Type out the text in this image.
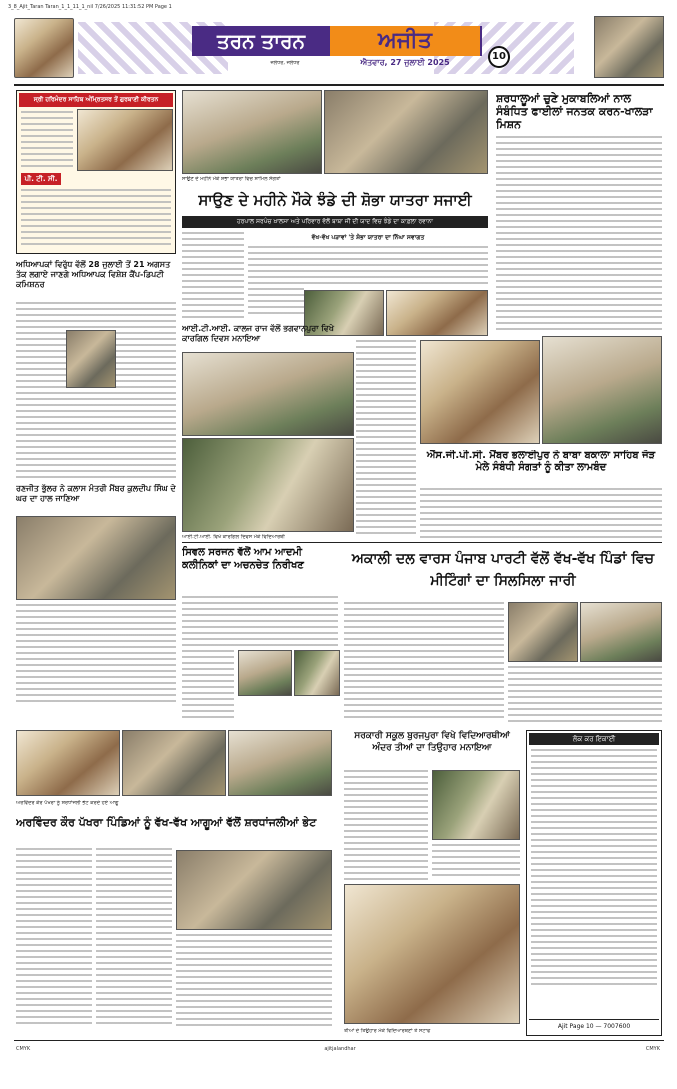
3_8_Ajit_Taran Taran_1_1_11_1_nil 7/26/2025 11:31:52 PM Page 1
ਤਰਨ ਤਾਰਨ	ਅਜੀਤ
ਜਲੰਧਰ, ਜਲੰਧਰ	ਐਤਵਾਰ, 27 ਜੁਲਾਈ 2025
10
ਸ੍ਰੀ ਹਰਿਮੰਦਰ ਸਾਹਿਬ ਅੰਮ੍ਰਿਤਸਰ ਤੋਂ ਗੁਰਬਾਣੀ ਕੀਰਤਨ
ਪੀ. ਟੀ. ਸੀ.	ਸਾਉਣ ਦੇ ਮਹੀਨੇ ਮੌਕੇ ਸ਼ੋਭਾ ਯਾਤਰਾ ਵਿਚ ਸ਼ਾਮਿਲ ਸੰਗਤਾਂ
ਸ਼ਰਧਾਲੂਆਂ ਚੁਣੇ ਮੁਕਾਬਲਿਆਂ ਨਾਲ ਸੰਬੰਧਿਤ ਫਾਈਲਾਂ ਜਨਤਕ ਕਰਨ-ਖਾਲੜਾ ਮਿਸ਼ਨ
ਸਾਉਣ ਦੇ ਮਹੀਨੇ ਮੌਕੇ ਝੰਡੇ ਦੀ ਸ਼ੋਭਾ ਯਾਤਰਾ ਸਜਾਈ
ਹਰਪਾਲ ਸਰਪੰਚ ਖ਼ਾਲਸਾ ਅਤੇ ਪਰਿਵਾਰ ਵੱਲੋਂ ਬਾਬਾ ਜੀ ਦੀ ਯਾਦ ਵਿਚ ਝੰਡੇ ਦਾ ਕਾਫ਼ਲਾ ਰਵਾਨਾ
ਅਧਿਆਪਕਾਂ ਵਿਰੁੱਧ ਵੱਲੋਂ 28 ਜੁਲਾਈ ਤੋਂ 21 ਅਗਸਤ ਤੱਕ ਲਗਾਏ ਜਾਣਗੇ ਅਧਿਆਪਕ ਵਿਸ਼ੇਸ਼ ਕੈਂਪ-ਡਿਪਟੀ ਕਮਿਸ਼ਨਰ
ਵੱਖ-ਵੱਖ ਪੜਾਵਾਂ 'ਤੇ ਸ਼ੋਭਾ ਯਾਤਰਾ ਦਾ ਨਿੱਘਾ ਸਵਾਗਤ
ਆਈ.ਟੀ.ਆਈ. ਕਾਲਜ ਰਾਜ ਵੱਲੋਂ ਭਗਵਾਨਪੁਰਾ ਵਿਖੇ ਕਾਰਗਿਲ ਦਿਵਸ ਮਨਾਇਆ
ਆਈ.ਟੀ.ਆਈ. ਵਿਖੇ ਕਾਰਗਿਲ ਦਿਵਸ ਮੌਕੇ ਵਿਦਿਆਰਥੀ
ਐੱਸ.ਜੀ.ਪੀ.ਸੀ. ਮੈਂਬਰ ਭਲਾਈਪੁਰ ਨੇ ਬਾਬਾ ਬਕਾਲਾ ਸਾਹਿਬ ਜੋੜ ਮੇਲੇ ਸੰਬੰਧੀ ਸੰਗਤਾਂ ਨੂੰ ਕੀਤਾ ਲਾਮਬੰਦ
ਰਣਜੀਤ ਭੁੱਲਰ ਨੇ ਕਲਾਸ ਮੰਤਰੀ ਮੈਂਬਰ ਕੁਲਦੀਪ ਸਿੰਘ ਦੇ ਘਰ ਦਾ ਹਾਲ ਜਾਣਿਆ
ਸਿਵਲ ਸਰਜਨ ਵੱਲੋਂ ਆਮ ਆਦਮੀ ਕਲੀਨਿਕਾਂ ਦਾ ਅਚਨਚੇਤ ਨਿਰੀਖਣ	ਅਕਾਲੀ ਦਲ ਵਾਰਸ ਪੰਜਾਬ ਪਾਰਟੀ ਵੱਲੋਂ ਵੱਖ-ਵੱਖ ਪਿੰਡਾਂ ਵਿਚ ਮੀਟਿੰਗਾਂ ਦਾ ਸਿਲਸਿਲਾ ਜਾਰੀ
ਅਰਵਿੰਦਰ ਕੌਰ ਪੱਖਰਾ ਨੂੰ ਸ਼ਰਧਾਂਜਲੀ ਭੇਟ ਕਰਦੇ ਹੋਏ ਆਗੂ
ਸਰਕਾਰੀ ਸਕੂਲ ਬੁਰਜਪੁਰਾ ਵਿਖੇ ਵਿਦਿਆਰਥੀਆਂ ਅੰਦਰ ਤੀਆਂ ਦਾ ਤਿਉਹਾਰ ਮਨਾਇਆ
ਤੀਆਂ ਦੇ ਤਿਉਹਾਰ ਮੌਕੇ ਵਿਦਿਆਰਥਣਾਂ ਤੇ ਸਟਾਫ
ਅਰਵਿੰਦਰ ਕੌਰ ਪੱਖਰਾ ਪਿੰਡਿਆਂ ਨੂੰ ਵੱਖ-ਵੱਖ ਆਗੂਆਂ ਵੱਲੋਂ ਸ਼ਰਧਾਂਜਲੀਆਂ ਭੇਟ
ਲੋਕ ਕਰ ਇਕਾਈ
Ajit Page 10 — 7007600
CMYK	ajitjalandhar	CMYK
